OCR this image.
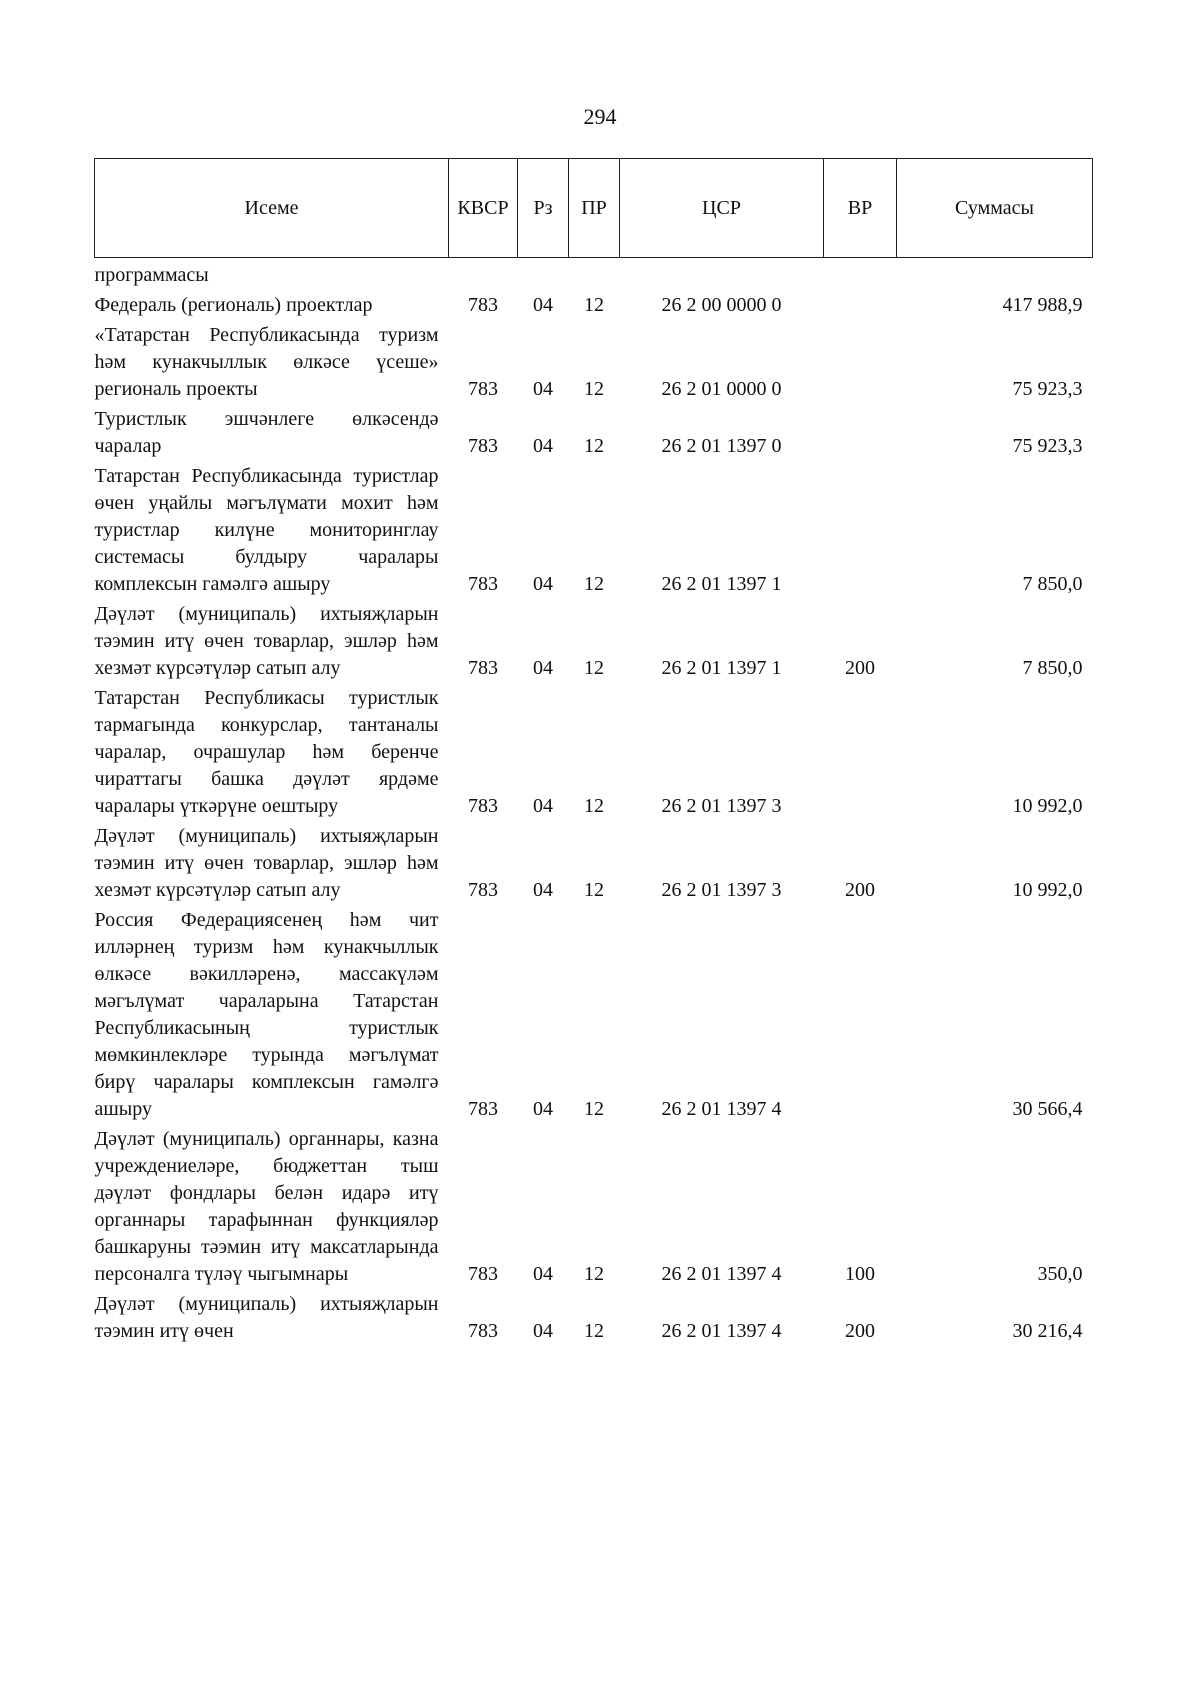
294
Исеме	КВСР	Рз	ПР	ЦСР	ВР	Суммасы
программасы						
Федераль (региональ) проектлар	783	04	12	26 2 00 0000 0		417 988,9
«Татарстан Республикасында туризм һәм кунакчыллык өлкәсе үсеше» региональ проекты	783	04	12	26 2 01 0000 0		75 923,3
Туристлык эшчәнлеге өлкәсендә чаралар	783	04	12	26 2 01 1397 0		75 923,3
Татарстан Республикасында туристлар өчен уңайлы мәгълүмати мохит һәм туристлар килүне мониторинглау системасы булдыру чаралары комплексын гамәлгә ашыру	783	04	12	26 2 01 1397 1		7 850,0
Дәүләт (муниципаль) ихтыяҗларын тәэмин итү өчен товарлар, эшләр һәм хезмәт күрсәтүләр сатып алу	783	04	12	26 2 01 1397 1	200	7 850,0
Татарстан Республикасы туристлык тармагында конкурслар, тантаналы чаралар, очрашулар һәм беренче чираттагы башка дәүләт ярдәме чаралары үткәрүне оештыру	783	04	12	26 2 01 1397 3		10 992,0
Дәүләт (муниципаль) ихтыяҗларын тәэмин итү өчен товарлар, эшләр һәм хезмәт күрсәтүләр сатып алу	783	04	12	26 2 01 1397 3	200	10 992,0
Россия Федерациясенең һәм чит илләрнең туризм һәм кунакчыллык өлкәсе вәкилләренә, массакүләм мәгълүмат чараларына Татарстан Республикасының туристлык мөмкинлекләре турында мәгълүмат бирү чаралары комплексын гамәлгә ашыру	783	04	12	26 2 01 1397 4		30 566,4
Дәүләт (муниципаль) органнары, казна учреждениеләре, бюджеттан тыш дәүләт фондлары белән идарә итү органнары тарафыннан функцияләр башкаруны тәэмин итү максатларында персоналга түләү чыгымнары	783	04	12	26 2 01 1397 4	100	350,0
Дәүләт (муниципаль) ихтыяҗларын тәэмин итү өчен	783	04	12	26 2 01 1397 4	200	30 216,4
